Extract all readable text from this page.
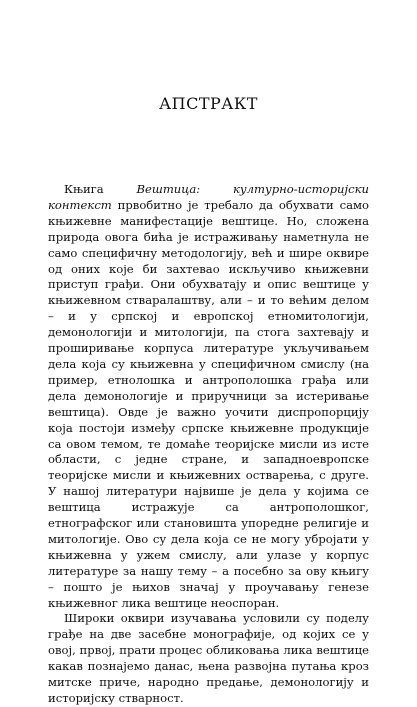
АПСТРАКТ

Књига Вештица: културно-историјски контекст првобитно је требало да обухвати само књижевне манифестације вештице. Но, сложена природа овога бића је истраживању наметнула не само специфичну методологију, већ и шире оквире од оних које би захтевао искључиво књижевни приступ грађи. Они обухватају и опис вештице у књижевном стваралаштву, али – и то већим делом – и у српској и европској етномитологији, демонологији и митологији, па стога захтевају и проширивање корпуса литературе укључивањем дела која су књижевна у специфичном смислу (на пример, етнолошка и антрополошка грађа или дела демонологије и приручници за истеривање вештица). Овде је важно уочити диспропорцију која постоји између српске књижевне продукције са овом темом, те домаће теоријске мисли из исте области, с једне стране, и западноевропске теоријске мисли и књижевних остварења, с друге. У нашој литератури највише је дела у којима се вештица истражује са антрополошког, етнографског или становишта упоредне религије и митологије. Ово су дела која се не могу убројати у књижевна у ужем смислу, али улазе у корпус литературе за нашу тему – а посебно за ову књигу – пошто је њихов значај у проучавању генезе књижевног лика вештице неоспоран.

Широки оквири изучавања условили су поделу грађе на две засебне монографије, од којих се у овој, првој, прати процес обликовања лика вештице какав познајемо данас, њена развојна путања кроз митске приче, народно предање, демонологију и историјску стварност.
